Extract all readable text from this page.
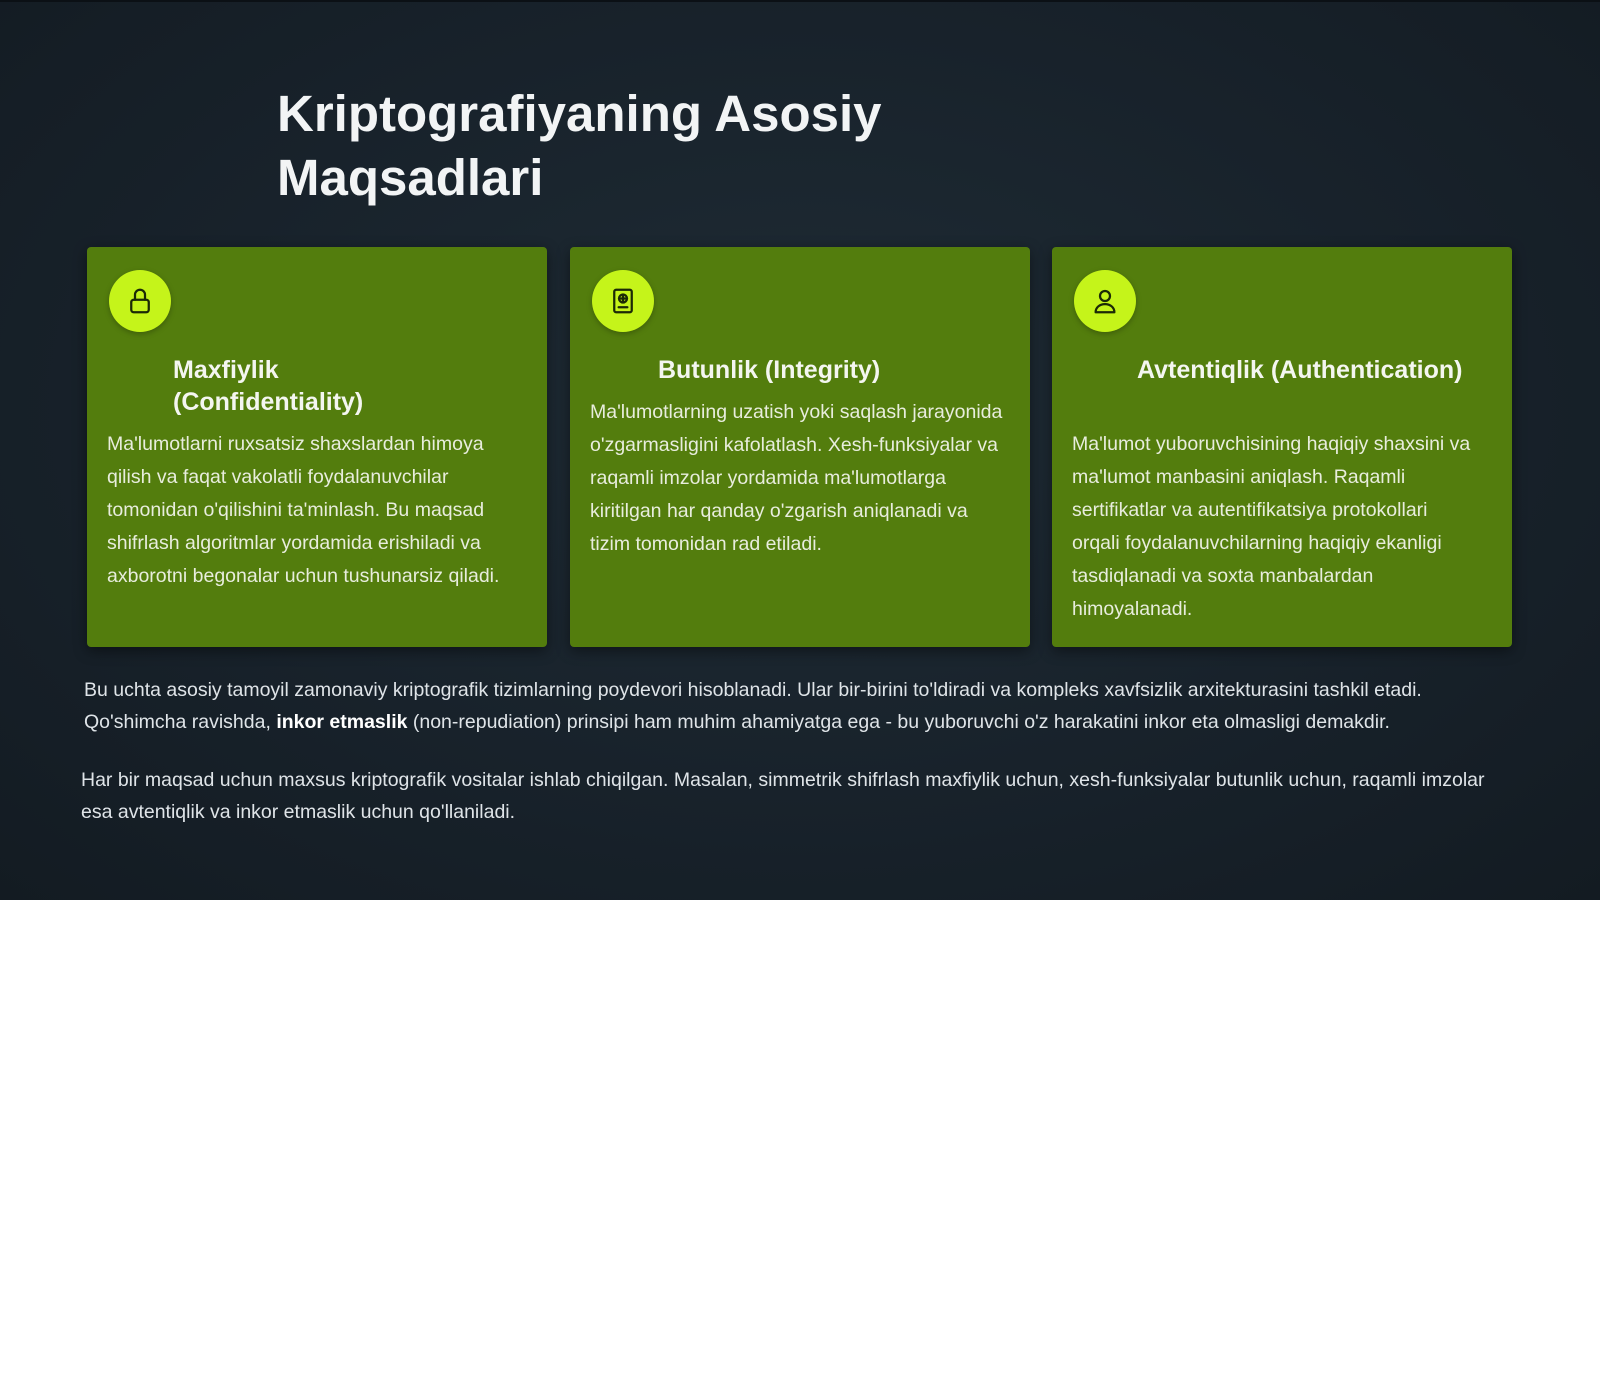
Kriptografiyaning Asosiy Maqsadlari
Maxfiylik (Confidentiality)

Ma'lumotlarni ruxsatsiz shaxslardan himoya qilish va faqat vakolatli foydalanuvchilar tomonidan o'qilishini ta'minlash. Bu maqsad shifrlash algoritmlar yordamida erishiladi va axborotni begonalar uchun tushunarsiz qiladi.

Butunlik (Integrity)

Ma'lumotlarning uzatish yoki saqlash jarayonida o'zgarmasligini kafolatlash. Xesh-funksiyalar va raqamli imzolar yordamida ma'lumotlarga kiritilgan har qanday o'zgarish aniqlanadi va tizim tomonidan rad etiladi.

Avtentiqlik (Authentication)

Ma'lumot yuboruvchisining haqiqiy shaxsini va ma'lumot manbasini aniqlash. Raqamli sertifikatlar va autentifikatsiya protokollari orqali foydalanuvchilarning haqiqiy ekanligi tasdiqlanadi va soxta manbalardan himoyalanadi.

Bu uchta asosiy tamoyil zamonaviy kriptografik tizimlarning poydevori hisoblanadi. Ular bir-birini to'ldiradi va kompleks xavfsizlik arxitekturasini tashkil etadi. Qo'shimcha ravishda, inkor etmaslik (non-repudiation) prinsipi ham muhim ahamiyatga ega - bu yuboruvchi o'z harakatini inkor eta olmasligi demakdir.

Har bir maqsad uchun maxsus kriptografik vositalar ishlab chiqilgan. Masalan, simmetrik shifrlash maxfiylik uchun, xesh-funksiyalar butunlik uchun, raqamli imzolar esa avtentiqlik va inkor etmaslik uchun qo'llaniladi.
